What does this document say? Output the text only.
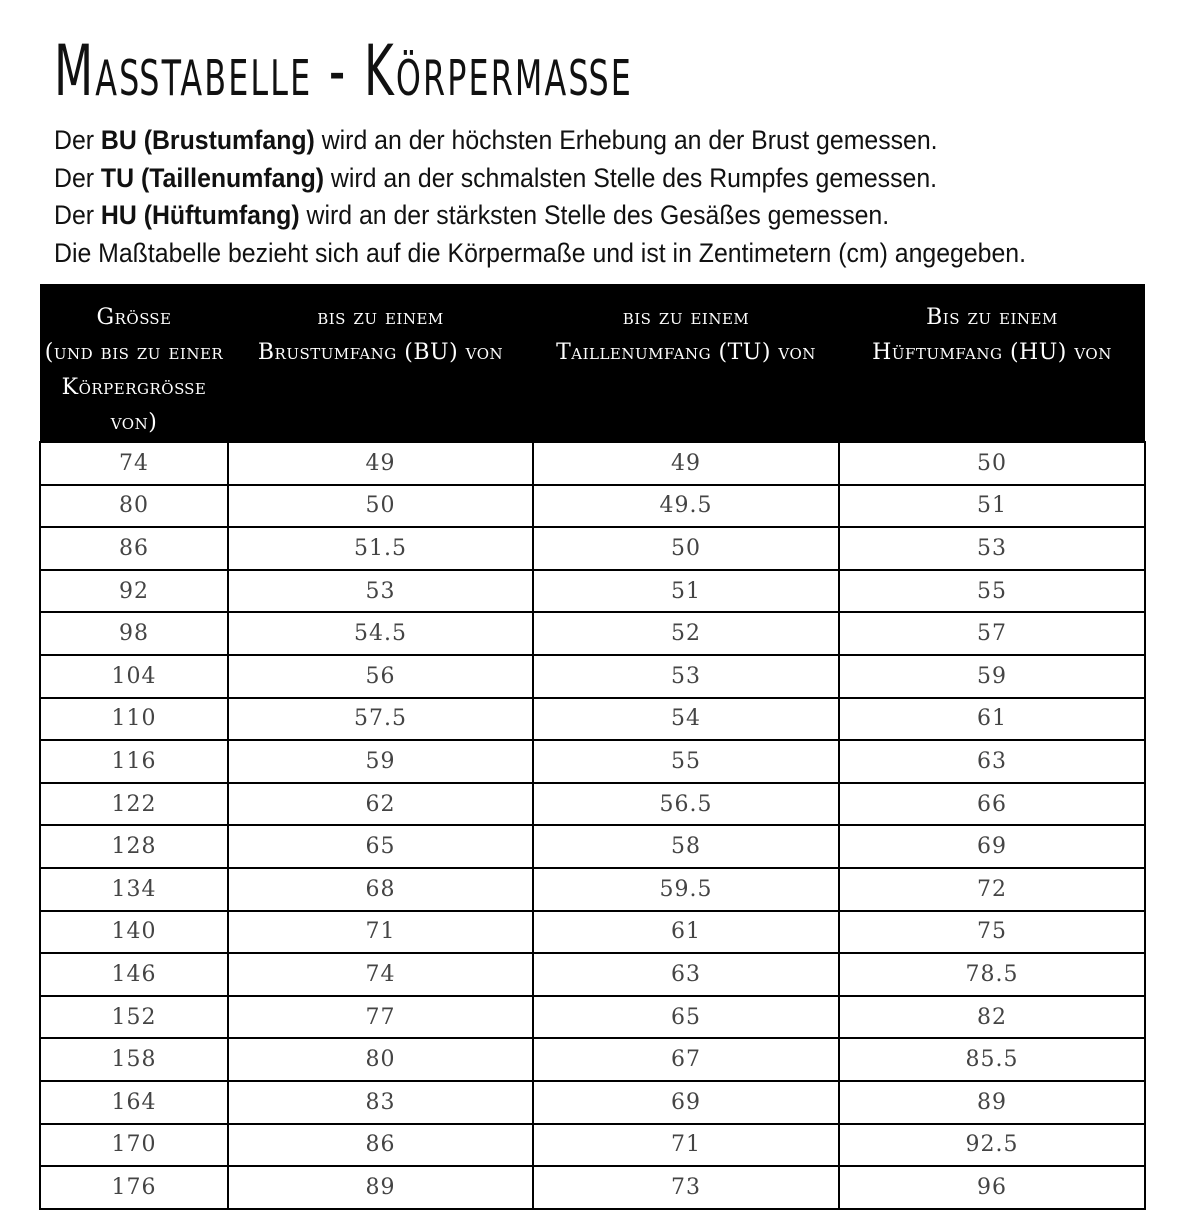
Maßtabelle - Körpermaße

Der BU (Brustumfang) wird an der höchsten Erhebung an der Brust gemessen.

Der TU (Taillenumfang) wird an der schmalsten Stelle des Rumpfes gemessen.

Der HU (Hüftumfang) wird an der stärksten Stelle des Gesäßes gemessen.

Die Maßtabelle bezieht sich auf die Körpermaße und ist in Zentimetern (cm) angegeben.

Größe
(und bis zu einer
Körpergröße von)	bis zu einem
Brustumfang (BU) von	bis zu einem
Taillenumfang (TU) von	Bis zu einem
Hüftumfang (HU) von

74	49	49	50
80	50	49.5	51
86	51.5	50	53
92	53	51	55
98	54.5	52	57
104	56	53	59
110	57.5	54	61
116	59	55	63
122	62	56.5	66
128	65	58	69
134	68	59.5	72
140	71	61	75
146	74	63	78.5
152	77	65	82
158	80	67	85.5
164	83	69	89
170	86	71	92.5
176	89	73	96
